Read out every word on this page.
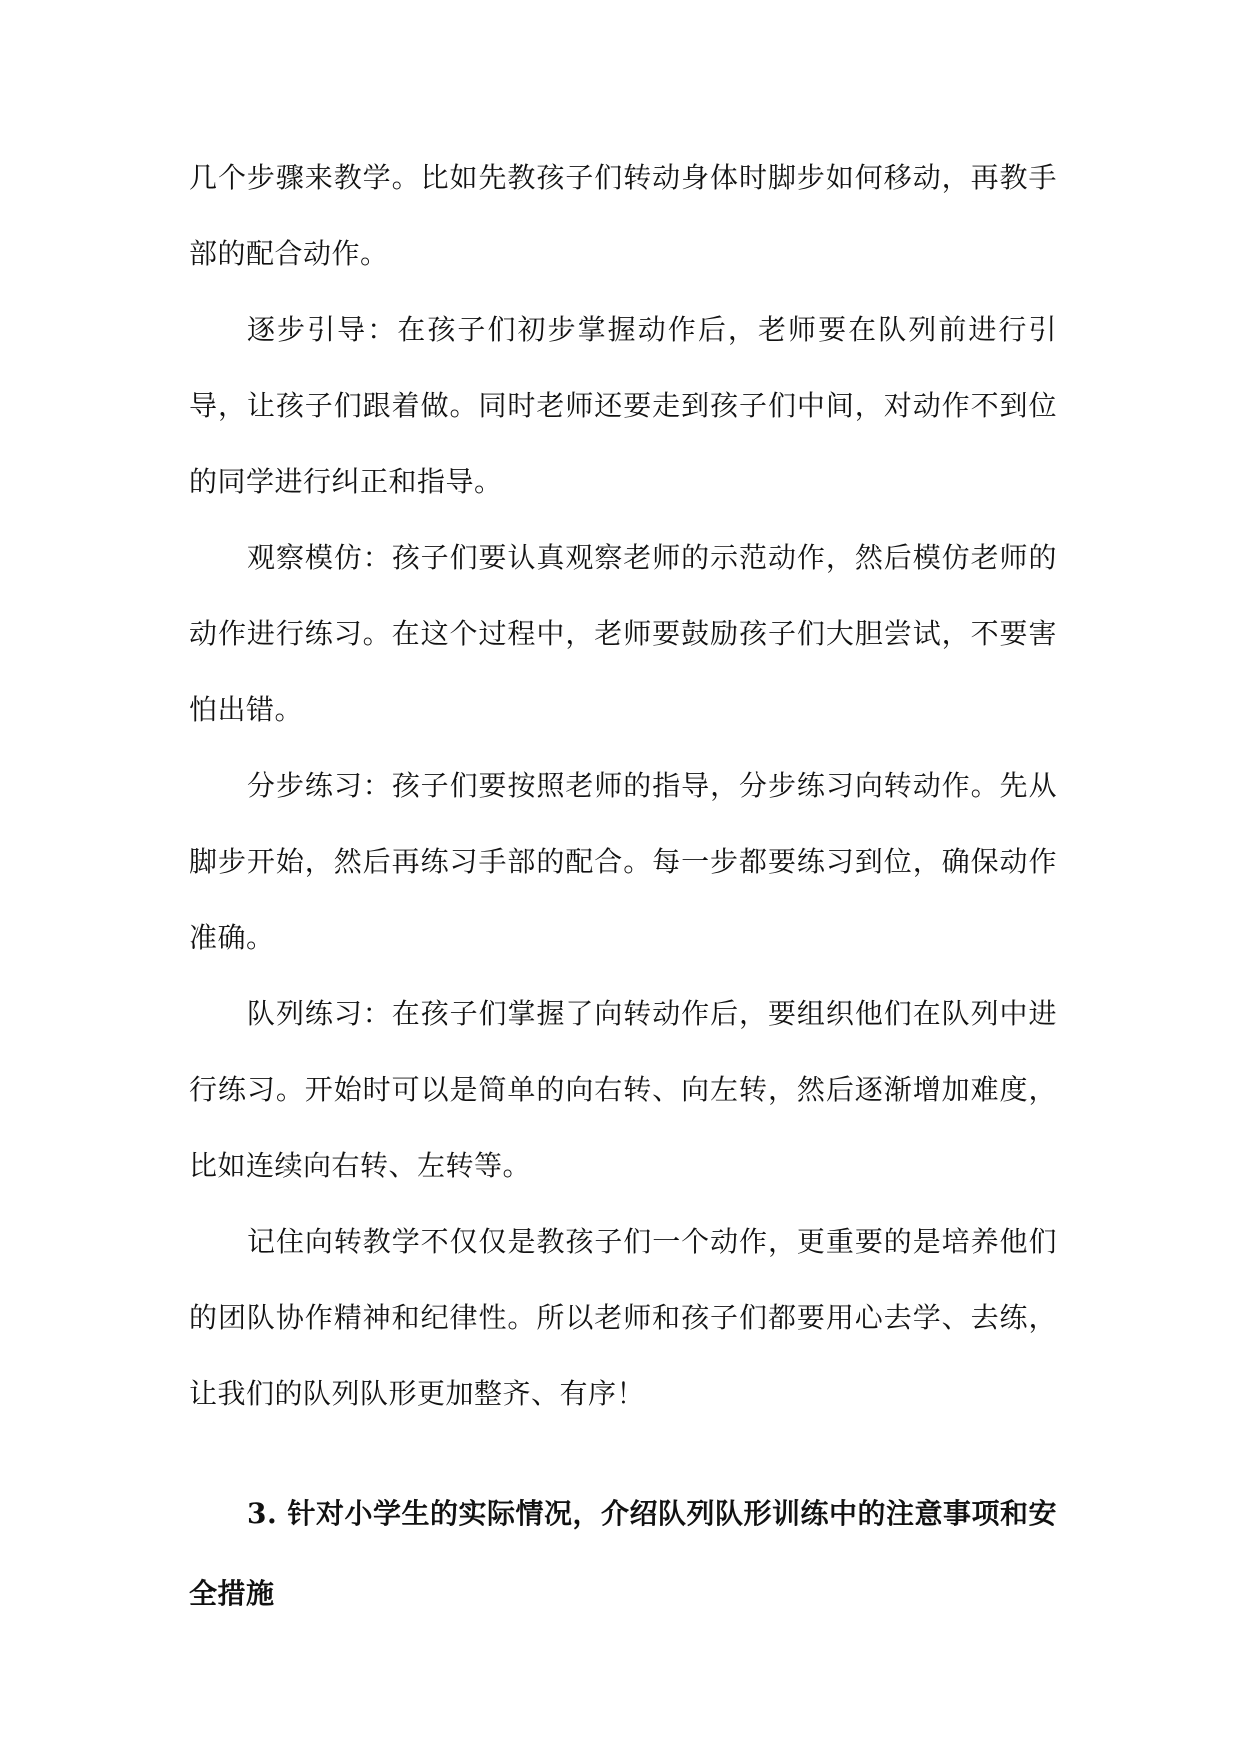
几个步骤来教学。比如先教孩子们转动身体时脚步如何移动，再教手部的配合动作。

逐步引导：在孩子们初步掌握动作后，老师要在队列前进行引导，让孩子们跟着做。同时老师还要走到孩子们中间，对动作不到位的同学进行纠正和指导。

观察模仿：孩子们要认真观察老师的示范动作，然后模仿老师的动作进行练习。在这个过程中，老师要鼓励孩子们大胆尝试，不要害怕出错。

分步练习：孩子们要按照老师的指导，分步练习向转动作。先从脚步开始，然后再练习手部的配合。每一步都要练习到位，确保动作准确。

队列练习：在孩子们掌握了向转动作后，要组织他们在队列中进行练习。开始时可以是简单的向右转、向左转，然后逐渐增加难度，比如连续向右转、左转等。

记住向转教学不仅仅是教孩子们一个动作，更重要的是培养他们的团队协作精神和纪律性。所以老师和孩子们都要用心去学、去练，让我们的队列队形更加整齐、有序！

3. 针对小学生的实际情况，介绍队列队形训练中的注意事项和安全措施
